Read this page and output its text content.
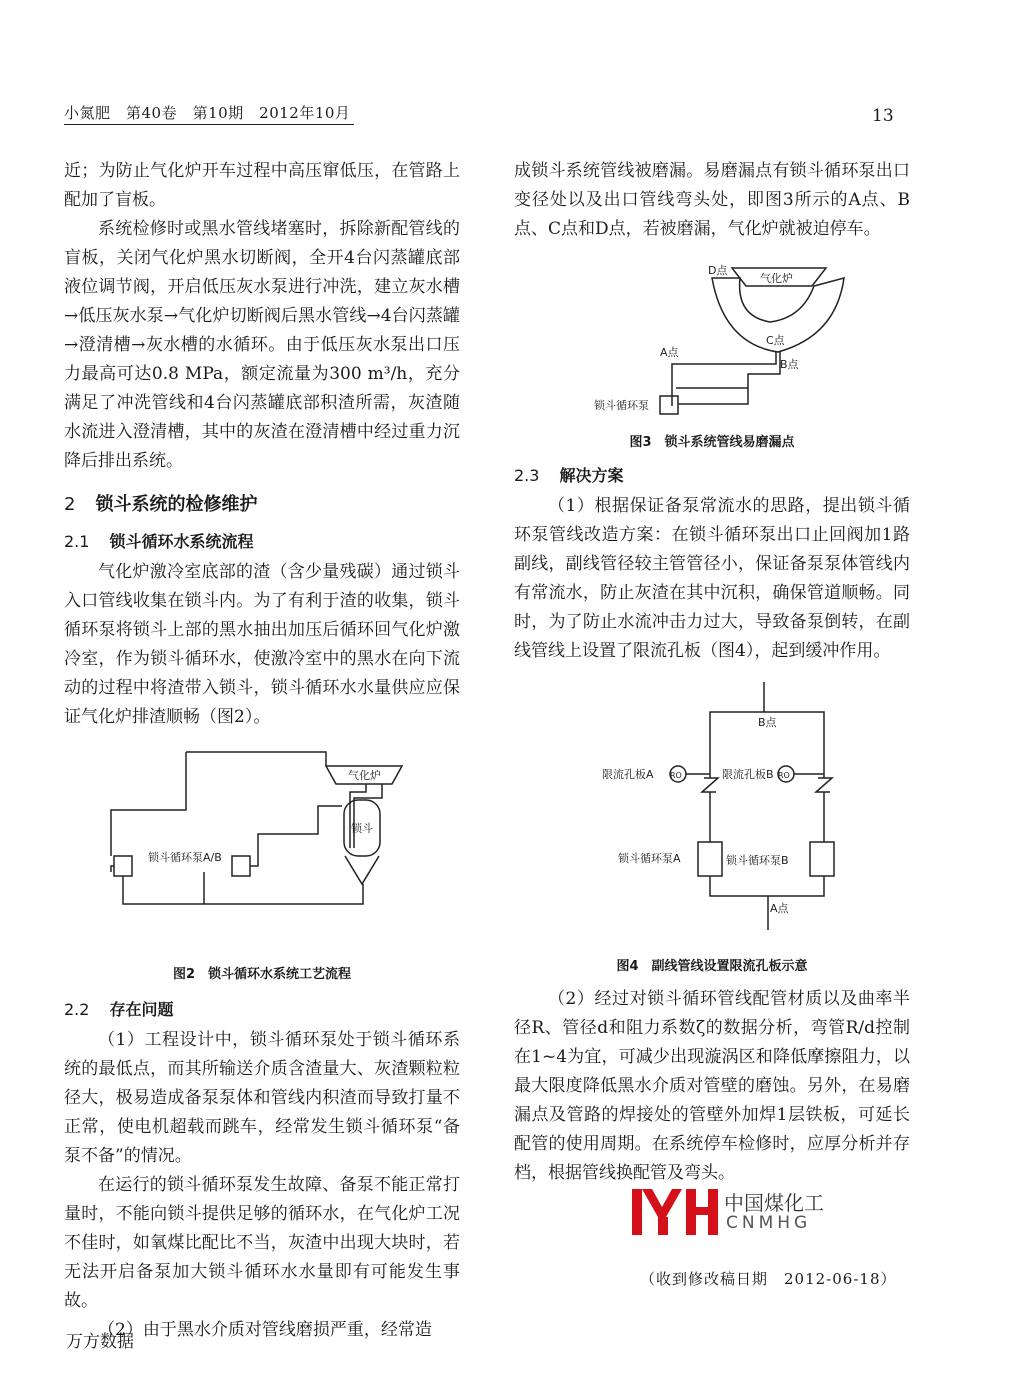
小氮肥　第40卷　第10期　2012年10月	13

近；为防止气化炉开车过程中高压窜低压，在管路上配加了盲板。

系统检修时或黑水管线堵塞时，拆除新配管线的盲板，关闭气化炉黑水切断阀，全开4台闪蒸罐底部液位调节阀，开启低压灰水泵进行冲洗，建立灰水槽→低压灰水泵→气化炉切断阀后黑水管线→4台闪蒸罐→澄清槽→灰水槽的水循环。由于低压灰水泵出口压力最高可达0.8 MPa，额定流量为300 m³/h，充分满足了冲洗管线和4台闪蒸罐底部积渣所需，灰渣随水流进入澄清槽，其中的灰渣在澄清槽中经过重力沉降后排出系统。

2 锁斗系统的检修维护
2.1 锁斗循环水系统流程

气化炉激冷室底部的渣（含少量残碳）通过锁斗入口管线收集在锁斗内。为了有利于渣的收集，锁斗循环泵将锁斗上部的黑水抽出加压后循环回气化炉激冷室，作为锁斗循环水，使激冷室中的黑水在向下流动的过程中将渣带入锁斗，锁斗循环水水量供应应保证气化炉排渣顺畅（图2）。

气化炉
锁斗
锁斗循环泵A/B
图2　锁斗循环水系统工艺流程
2.2 存在问题

（1）工程设计中，锁斗循环泵处于锁斗循环系统的最低点，而其所输送介质含渣量大、灰渣颗粒粒径大，极易造成备泵泵体和管线内积渣而导致打量不正常，使电机超载而跳车，经常发生锁斗循环泵“备泵不备”的情况。

在运行的锁斗循环泵发生故障、备泵不能正常打量时，不能向锁斗提供足够的循环水，在气化炉工况不佳时，如氧煤比配比不当，灰渣中出现大块时，若无法开启备泵加大锁斗循环水水量即有可能发生事故。

（2）由于黑水介质对管线磨损严重，经常造

成锁斗系统管线被磨漏。易磨漏点有锁斗循环泵出口变径处以及出口管线弯头处，即图3所示的A点、B点、C点和D点，若被磨漏，气化炉就被迫停车。

D点
气化炉
C点
A点
B点
锁斗循环泵
图3　锁斗系统管线易磨漏点
2.3 解决方案

（1）根据保证备泵常流水的思路，提出锁斗循环泵管线改造方案：在锁斗循环泵出口止回阀加1路副线，副线管径较主管管径小，保证备泵泵体管线内有常流水，防止灰渣在其中沉积，确保管道顺畅。同时，为了防止水流冲击力过大，导致备泵倒转，在副线管线上设置了限流孔板（图4），起到缓冲作用。

B点
限流孔板A RO	限流孔板B RO
锁斗循环泵A	锁斗循环泵B
A点
图4　副线管线设置限流孔板示意

（2）经过对锁斗循环管线配管材质以及曲率半径R、管径d和阻力系数ζ的数据分析，弯管R/d控制在1~4为宜，可减少出现漩涡区和降低摩擦阻力，以最大限度降低黑水介质对管壁的磨蚀。另外，在易磨漏点及管路的焊接处的管壁外加焊1层铁板，可延长配管的使用周期。在系统停车检修时，应厚分析并存档，根据管线换配管及弯头。

中国煤化工
CNMHG
（收到修改稿日期　2012-06-18）
万方数据
